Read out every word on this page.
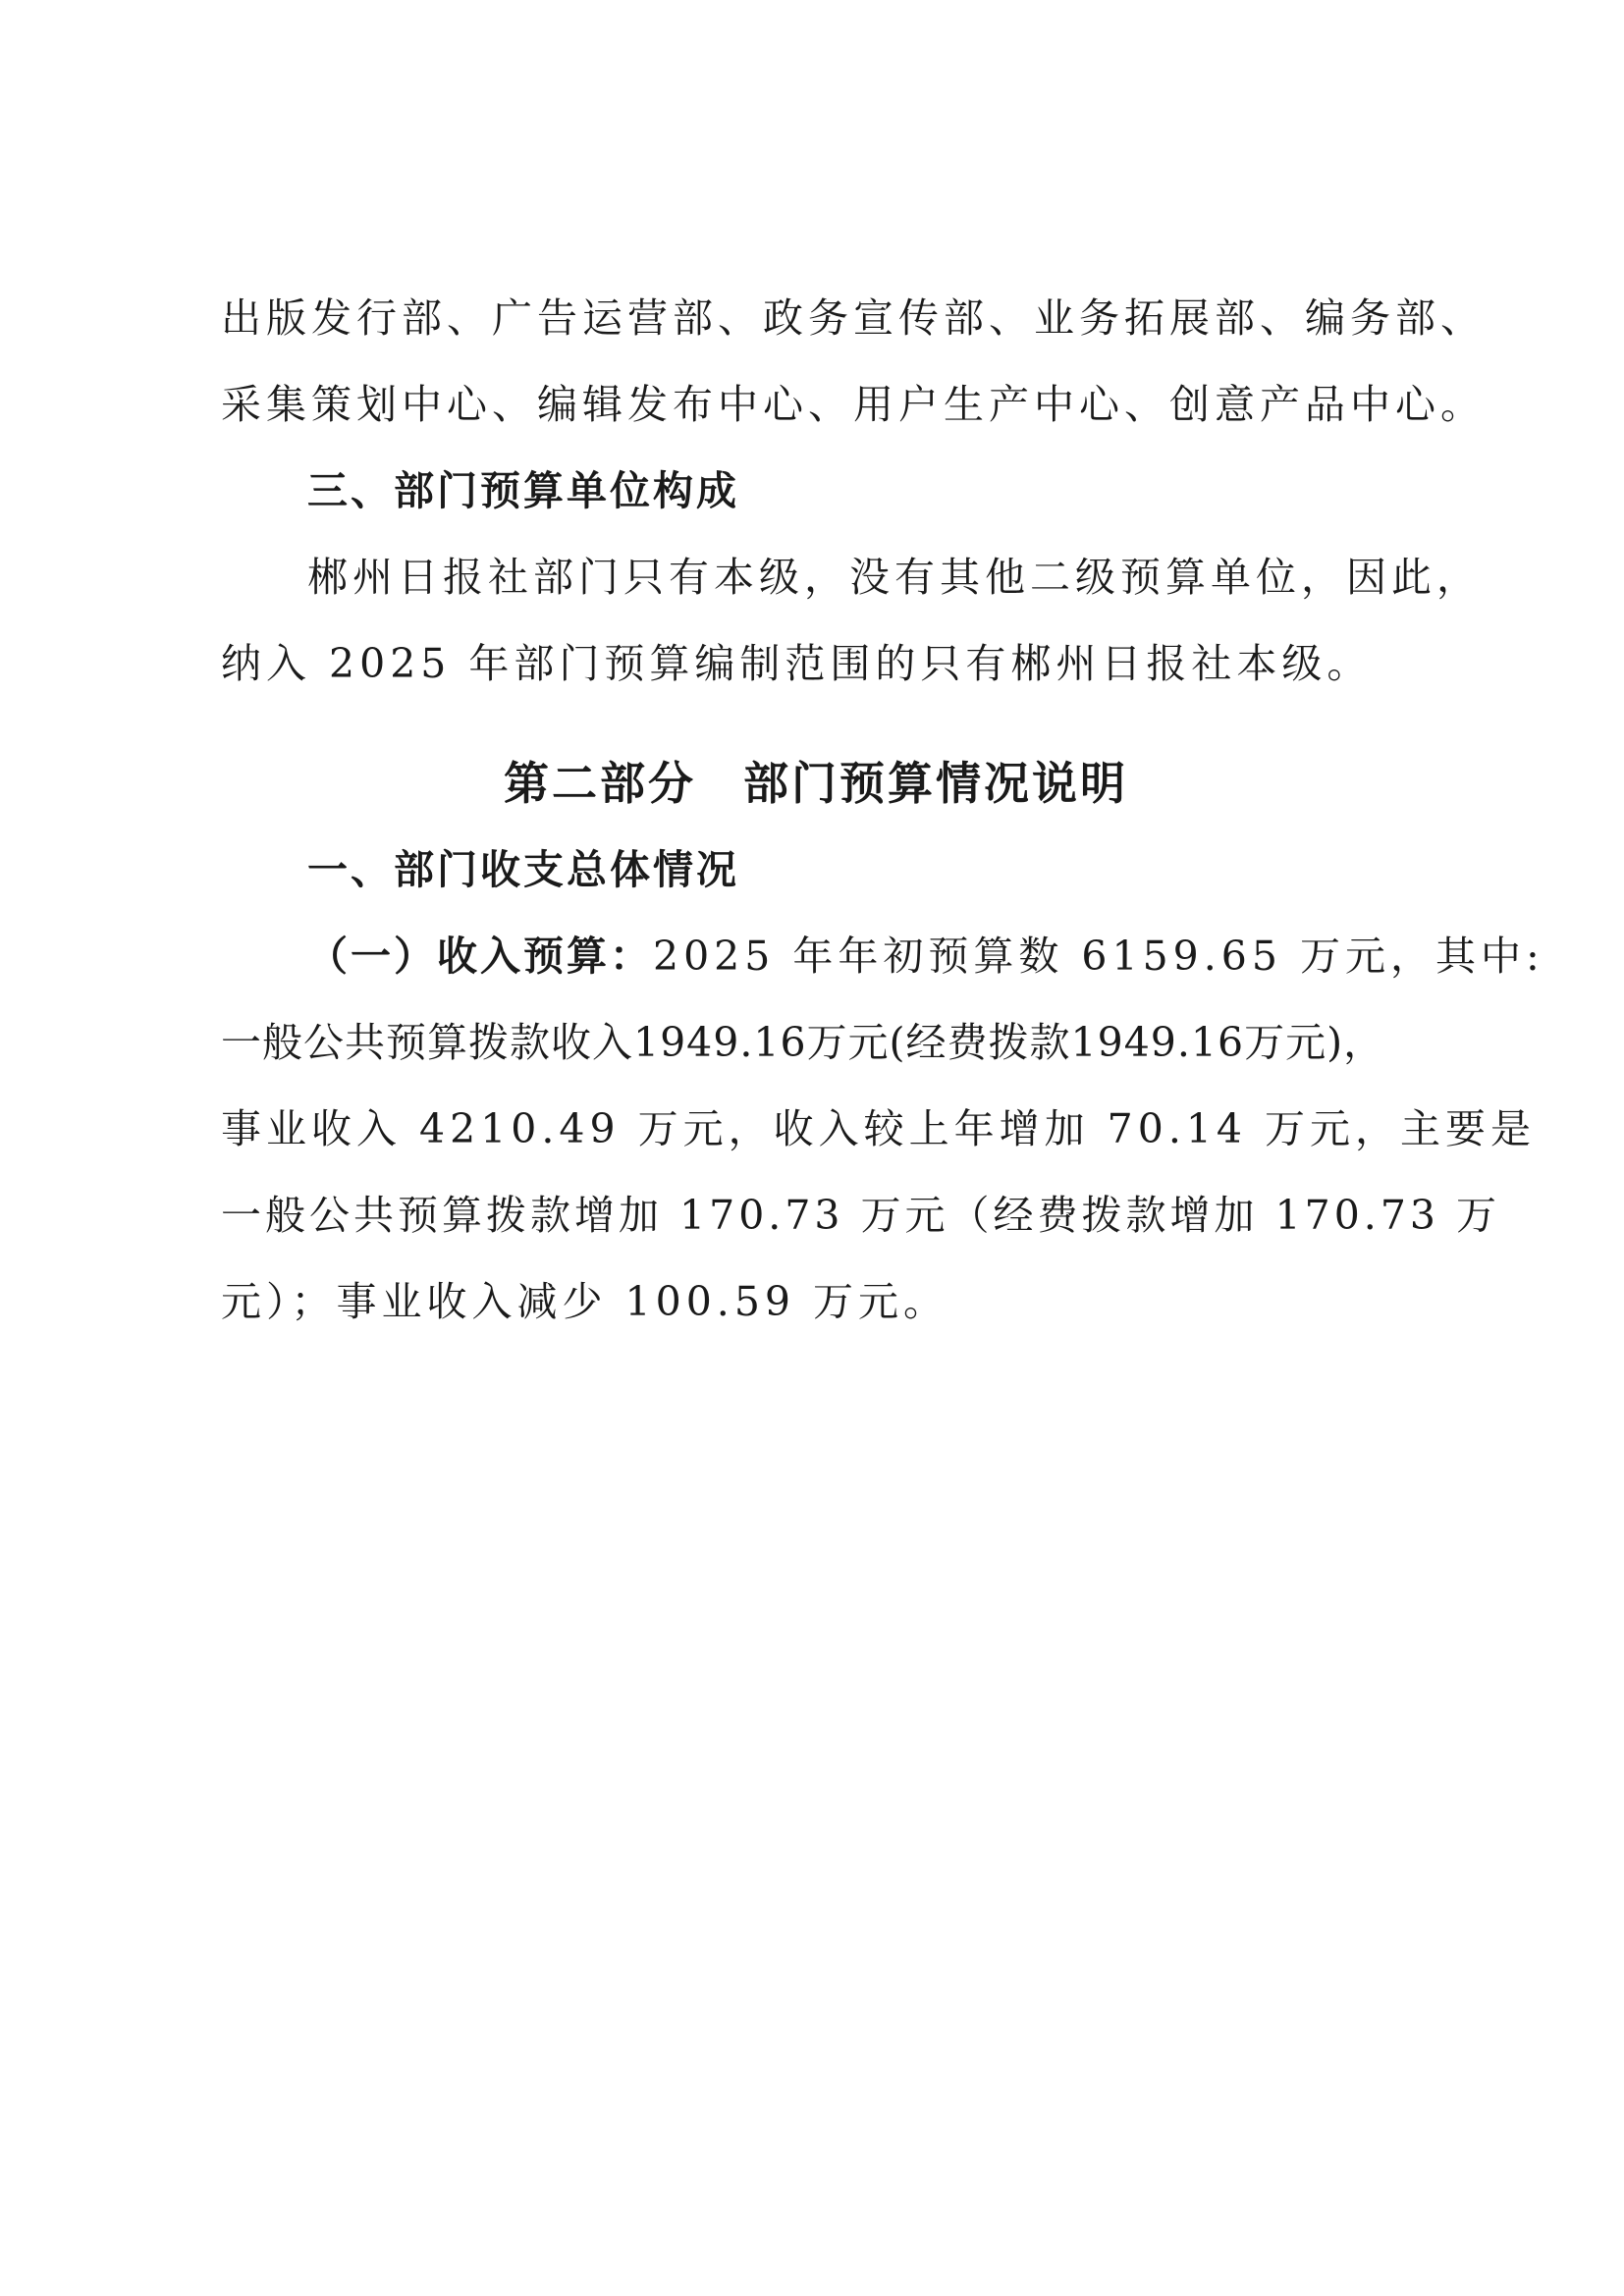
出版发行部、广告运营部、政务宣传部、业务拓展部、编务部、
采集策划中心、编辑发布中心、用户生产中心、创意产品中心。
三、部门预算单位构成
郴州日报社部门只有本级，没有其他二级预算单位，因此，
纳入 2025 年部门预算编制范围的只有郴州日报社本级。
第二部分 部门预算情况说明
一、部门收支总体情况
（一）收入预算：2025 年年初预算数 6159.65 万元，其中:
一般公共预算拨款收入1949.16万元(经费拨款1949.16万元)，
事业收入 4210.49 万元，收入较上年增加 70.14 万元，主要是
一般公共预算拨款增加 170.73 万元（经费拨款增加 170.73 万
元）；事业收入减少 100.59 万元。
